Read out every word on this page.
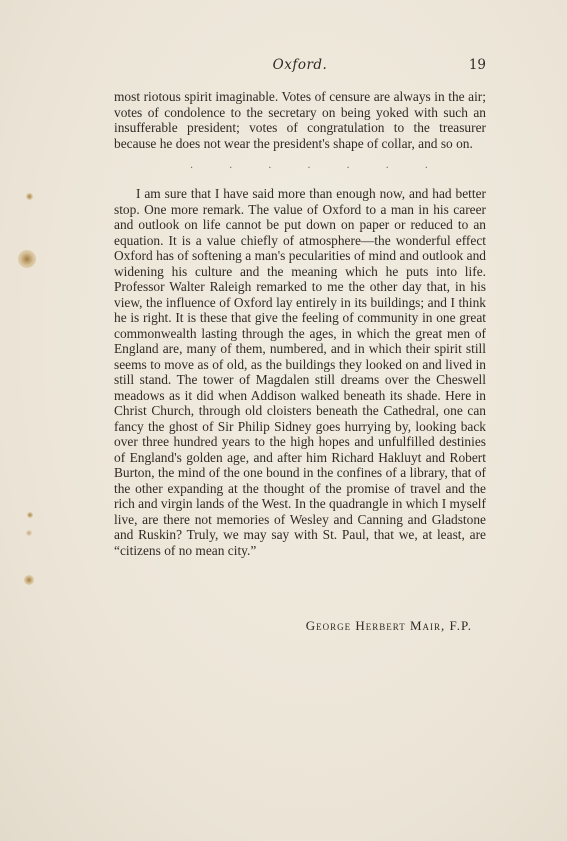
Oxford.	19

most riotous spirit imaginable. Votes of censure are always in the air; votes of condolence to the secretary on being yoked with such an insufferable president; votes of congratulation to the treasurer because he does not wear the president's shape of collar, and so on.

.	.	.	.	.	.	.

I am sure that I have said more than enough now, and had better stop. One more remark. The value of Oxford to a man in his career and outlook on life cannot be put down on paper or reduced to an equation. It is a value chiefly of atmosphere—the wonderful effect Oxford has of softening a man's pecularities of mind and outlook and widening his culture and the meaning which he puts into life. Professor Walter Raleigh remarked to me the other day that, in his view, the influence of Oxford lay entirely in its buildings; and I think he is right. It is these that give the feeling of community in one great commonwealth lasting through the ages, in which the great men of England are, many of them, numbered, and in which their spirit still seems to move as of old, as the buildings they looked on and lived in still stand. The tower of Magdalen still dreams over the Cheswell meadows as it did when Addison walked beneath its shade. Here in Christ Church, through old cloisters beneath the Cathedral, one can fancy the ghost of Sir Philip Sidney goes hurrying by, looking back over three hundred years to the high hopes and unfulfilled destinies of England's golden age, and after him Richard Hakluyt and Robert Burton, the mind of the one bound in the confines of a library, that of the other expanding at the thought of the promise of travel and the rich and virgin lands of the West. In the quadrangle in which I myself live, are there not memories of Wesley and Canning and Gladstone and Ruskin? Truly, we may say with St. Paul, that we, at least, are “citizens of no mean city.”

George Herbert Mair, F.P.
